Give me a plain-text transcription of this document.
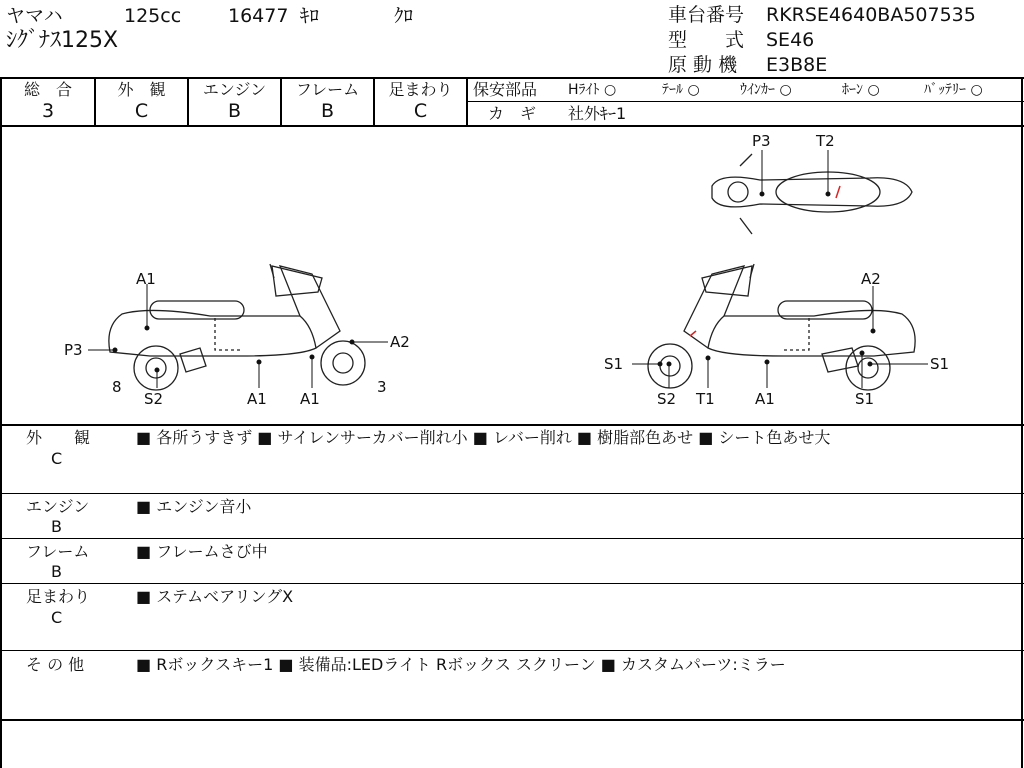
ヤマハ	125cc 16477 ｷﾛ	ｸﾛ
ｼｸﾞﾅｽ125X
車台番号 RKRSE4640BA507535
型　　式 SE46
原 動 機 E3B8E
総　合
3
外　観
C
エンジン
B
フレーム
B
足まわり
C
保安部品 Hﾗｲﾄ ○	ﾃｰﾙ ○	ｳｲﾝｶｰ ○	ﾎｰﾝ ○	ﾊﾞｯﾃﾘｰ ○
カ　ギ 社外ｷｰ1
P3	T2
A1
P3	A2
8
S2	A1 A1
3
A2
S1	S1
S2 T1	A1	S1
外　　観
C
■ 各所うすきず ■ サイレンサーカバー削れ小 ■ レバー削れ ■ 樹脂部色あせ ■ シート色あせ大
エンジン
B
■ エンジン音小
フレーム
B
■ フレームさび中
足まわり
C
■ ステムベアリングX
そ の 他	■ Rボックスキー1 ■ 装備品:LEDライト Rボックス スクリーン ■ カスタムパーツ:ミラー
